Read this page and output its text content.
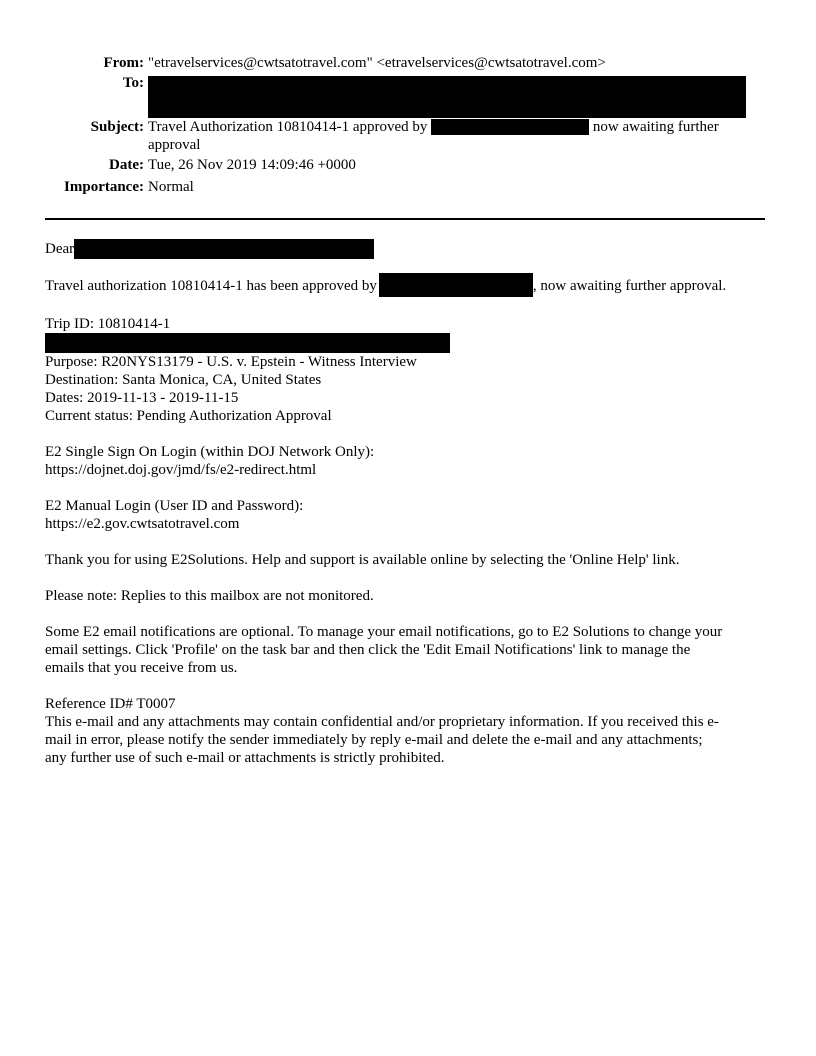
From: "etravelservices@cwtsatotravel.com" <etravelservices@cwtsatotravel.com>
To:
Subject: Travel Authorization 10810414-1 approved by	now awaiting further
approval
Date: Tue, 26 Nov 2019 14:09:46 +0000
Importance: Normal
Dear
Travel authorization 10810414-1 has been approved by	, now awaiting further approval.
Trip ID: 10810414-1
Purpose: R20NYS13179 - U.S. v. Epstein - Witness Interview
Destination: Santa Monica, CA, United States
Dates: 2019-11-13 - 2019-11-15
Current status: Pending Authorization Approval
E2 Single Sign On Login (within DOJ Network Only):
https://dojnet.doj.gov/jmd/fs/e2-redirect.html
E2 Manual Login (User ID and Password):
https://e2.gov.cwtsatotravel.com
Thank you for using E2Solutions. Help and support is available online by selecting the 'Online Help' link.
Please note: Replies to this mailbox are not monitored.
Some E2 email notifications are optional. To manage your email notifications, go to E2 Solutions to change your
email settings. Click 'Profile' on the task bar and then click the 'Edit Email Notifications' link to manage the
emails that you receive from us.
Reference ID# T0007
This e-mail and any attachments may contain confidential and/or proprietary information. If you received this e-
mail in error, please notify the sender immediately by reply e-mail and delete the e-mail and any attachments;
any further use of such e-mail or attachments is strictly prohibited.
